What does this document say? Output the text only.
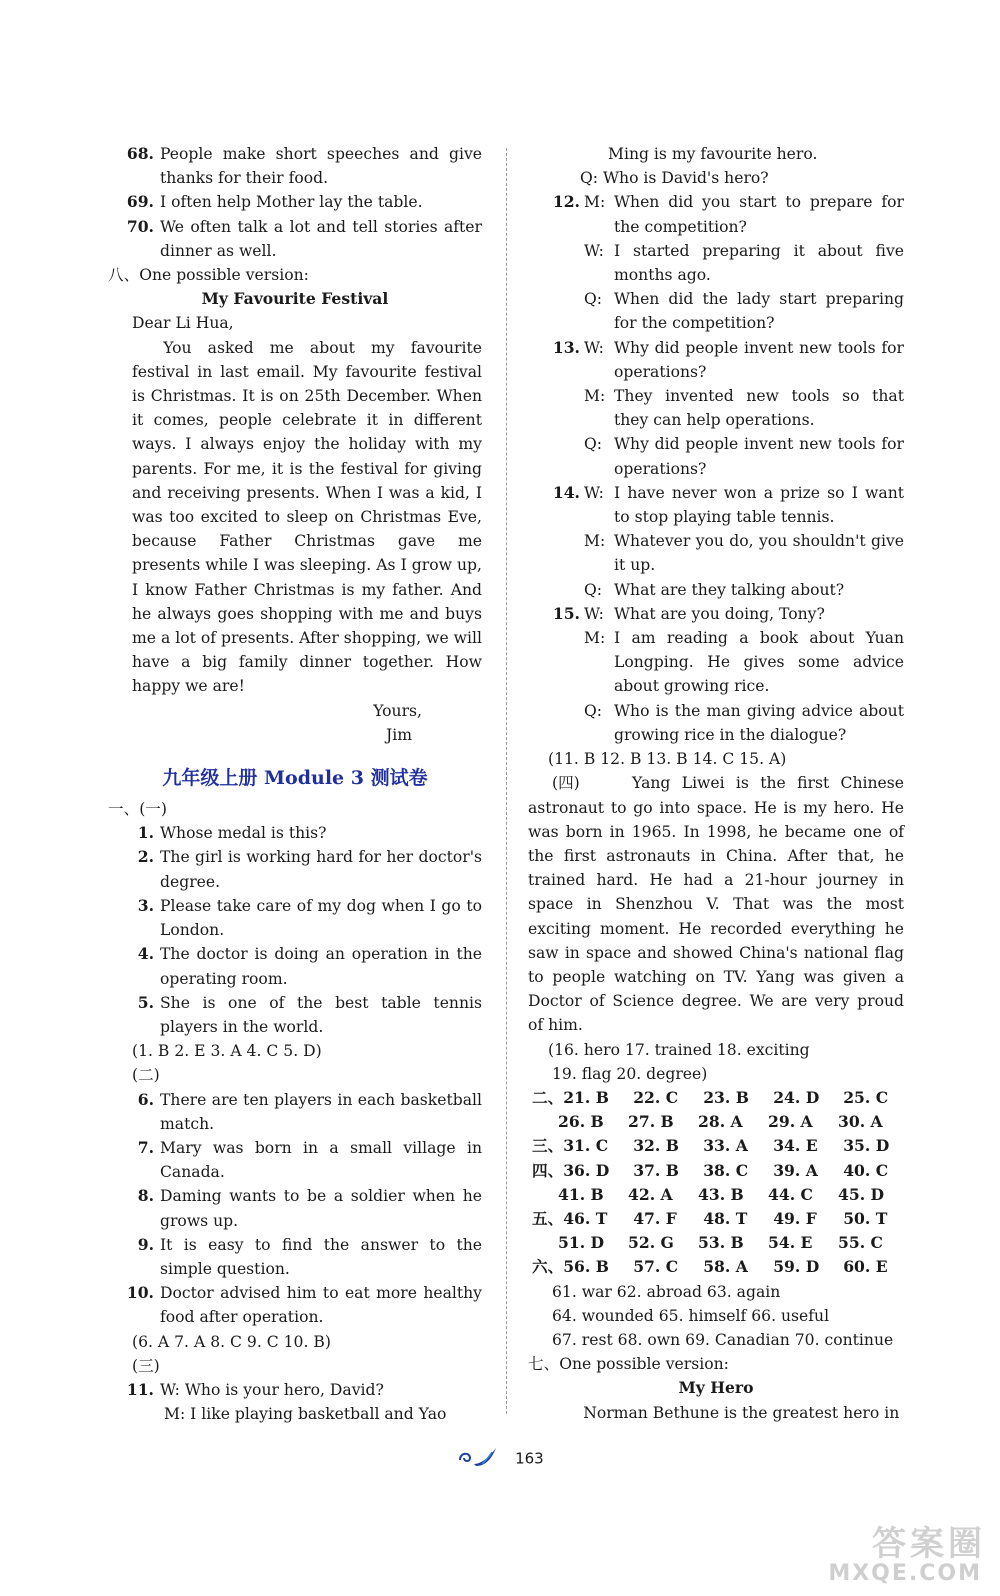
68. People make short speeches and give thanks for their food.
69. I often help Mother lay the table.
70. We often talk a lot and tell stories after dinner as well.
八、One possible version:
My Favourite Festival
Dear Li Hua,
You asked me about my favourite festival in last email. My favourite festival is Christmas. It is on 25th December. When it comes, people celebrate it in different ways. I always enjoy the holiday with my parents. For me, it is the festival for giving and receiving presents. When I was a kid, I was too excited to sleep on Christmas Eve, because Father Christmas gave me presents while I was sleeping. As I grow up, I know Father Christmas is my father. And he always goes shopping with me and buys me a lot of presents. After shopping, we will have a big family dinner together. How happy we are!
Yours,
Jim
九年级上册 Module 3 测试卷
一、(一)
1. Whose medal is this?
2. The girl is working hard for her doctor's degree.
3. Please take care of my dog when I go to London.
4. The doctor is doing an operation in the operating room.
5. She is one of the best table tennis players in the world.
(1. B 2. E 3. A 4. C 5. D)
(二)
6. There are ten players in each basketball match.
7. Mary was born in a small village in Canada.
8. Daming wants to be a soldier when he grows up.
9. It is easy to find the answer to the simple question.
10. Doctor advised him to eat more healthy food after operation.
(6. A 7. A 8. C 9. C 10. B)
(三)
11. W: Who is your hero, David?
M: I like playing basketball and Yao
Ming is my favourite hero.
Q: Who is David's hero?
12. M: When did you start to prepare for the competition?
W: I started preparing it about five months ago.
Q: When did the lady start preparing for the competition?
13. W: Why did people invent new tools for operations?
M: They invented new tools so that they can help operations.
Q: Why did people invent new tools for operations?
14. W: I have never won a prize so I want to stop playing table tennis.
M: Whatever you do, you shouldn't give it up.
Q: What are they talking about?
15. W: What are you doing, Tony?
M: I am reading a book about Yuan Longping. He gives some advice about growing rice.
Q: Who is the man giving advice about growing rice in the dialogue?
(11. B 12. B 13. B 14. C 15. A)
(四)	Yang Liwei is the first Chinese astronaut to go into space. He is my hero. He was born in 1965. In 1998, he became one of the first astronauts in China. After that, he trained hard. He had a 21-hour journey in space in Shenzhou V. That was the most exciting moment. He recorded everything he saw in space and showed China's national flag to people watching on TV. Yang was given a Doctor of Science degree. We are very proud of him.
(16. hero 17. trained 18. exciting
19. flag 20. degree)
二、 21. B	22. C	23. B	24. D	25. C
26. B	27. B	28. A	29. A	30. A
三、 31. C	32. B	33. A	34. E	35. D
四、 36. D	37. B	38. C	39. A	40. C
41. B	42. A	43. B	44. C	45. D
五、 46. T	47. F	48. T	49. F	50. T
51. D	52. G	53. B	54. E	55. C
六、 56. B	57. C	58. A	59. D	60. E
61. war 62. abroad 63. again
64. wounded 65. himself 66. useful
67. rest 68. own 69. Canadian 70. continue
七、One possible version:
My Hero
Norman Bethune is the greatest hero in
163
答案圈
MXQE.COM
